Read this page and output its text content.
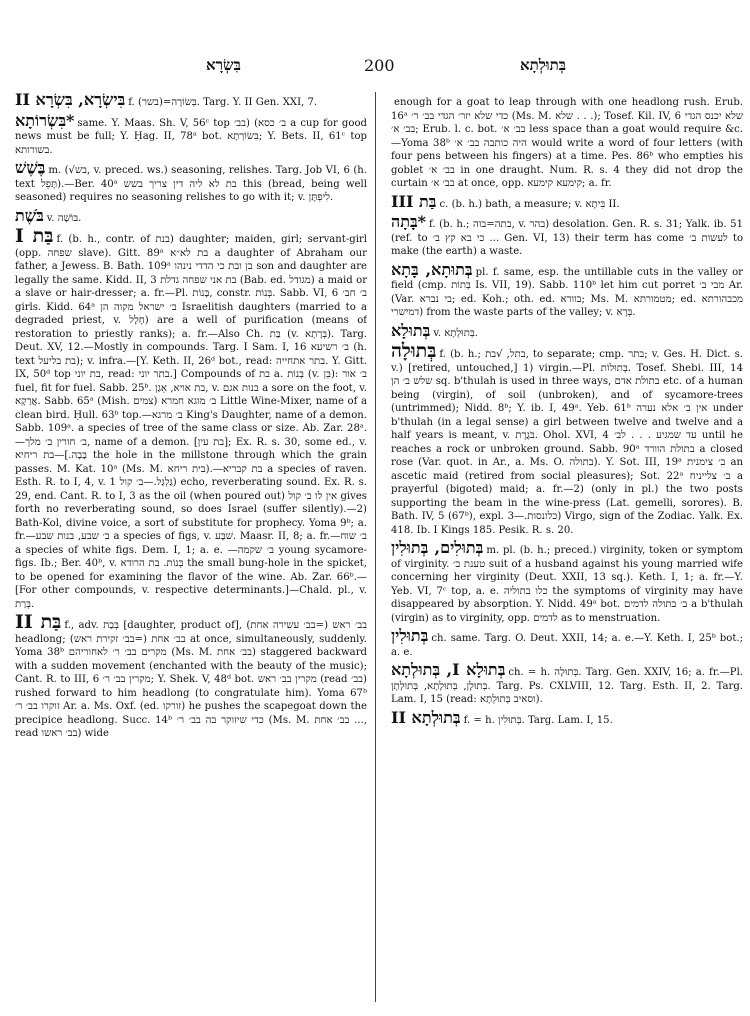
בִּשְׂרָא	200	בְּתוּלְתָא

בִּישְׂרָא, בִּשְׂרָא II f. (בשר)=בְּשׂוֹרָה. Targ. Y. II Gen. XXI, 7.

*בִּשְׂרוֹתָא same. Y. Maas. Sh. V, 56ᶜ top ב׳ כסא) (בב׳ a cup for good news must be full; Y. Ḥag. II, 78ᵃ bot. בִּשׂוֹרְתָא; Y. Bets. II, 61ᶜ top בשורותא.

בֶּשֶׁשׁ m. (√בש, v. preced. ws.) seasoning, relishes. Targ. Job VI, 6 (h. text תָּפֵל).—Ber. 40ᵃ בת לא ליה דין צריך בשש this (bread, being well seasoned) requires no seasoning relishes to go with it; v. לִיפְתָּן.

בֹּשֶׁת v. בּוֹשָׁה.

בַּת I f. (b. h., contr. of בנת) daughter; maiden, girl; servant-girl (opp. שפחה slave). Gitt. 89ᵃ בת לא״א a daughter of Abraham our father, a Jewess. B. Bath. 109ᵃ בן ובת כי הדדי נינהו son and daughter are legally the same. Kidd. II, 3 בת אני שפחה גדלת (Bab. ed. מגודל) a maid or a slave or hair-dresser; a. fr.—Pl. בָּנוֹת, constr. בְּנוֹת. Sabb. VI, 6 ב׳ חב׳ girls. Kidd. 64ᵃ ב׳ ישראל מקוה הן Israelitish daughters (married to a degraded priest, v. חָלָל) are a well of purification (means of restoration to priestly ranks); a. fr.—Also Ch. בַּת (v. בְּרָתָא). Targ. Deut. XV, 12.—Mostly in compounds. Targ. I Sam. I, 16 ב׳ רשיעא (h. text בת בליעל); v. infra.—[Y. Keth. II, 26ᵈ bot., read: בתר אתחייה. Y. Gitt. IX, 50ᵈ top בת יוני, read: בתר יוני.] Compounds of בת a. בְּנוֹת (v. בֵּן): ב׳ אור fuel, fit for fuel. Sabb. 25ᵇ. בת אויא, אֵגַן, v. בנות אגם a sore on the foot, v. אֲרַקָא. Sabb. 65ᵃ (Mish. צמים) ב׳ מוגא חמרא Little Wine-Mixer, name of a clean bird. Ḥull. 63ᵇ top.—ב׳ מרגא King's Daughter, name of a demon. Sabb. 109ᵃ. a species of tree of the same class or size. Ab. Zar. 28ᵃ.—ב׳ חורין ב׳ מלך, name of a demon. [בת עין]; Ex. R. s. 30, some ed., v. בָּבָה.]—בת ריחיא the hole in the millstone through which the grain passes. M. Kat. 10ᵃ (Ms. M. בית ריחא).—בת קבריא a species of raven. Esth. R. to I, 4, v. גַּלְגַּל.—ב׳ קול 1) echo, reverberating sound. Ex. R. s. 29, end. Cant. R. to I, 3 as the oil (when poured out) אין לו ב׳ קול gives forth no reverberating sound, so does Israel (suffer silently).—2) Bath-Kol, divine voice, a sort of substitute for prophecy. Yoma 9ᵇ; a. fr.—ב׳ שבע, בנות שבע a species of figs, v. שׁבָּע. Maasr. II, 8; a. fr.—ב׳ שוח a species of white figs. Dem. I, 1; a. e. —ב׳ שקמה young sycamore-figs. Ib.; Ber. 40ᵇ, v. בְּנוֹת. בת הרודא the small bung-hole in the spicket, to be opened for examining the flavor of the wine. Ab. Zar. 66ᵇ.—[For other compounds, v. respective determinants.]—Chald. pl., v. בְּרַת.

בַּת II f., adv. בְּבַת [daughter, product of], בב׳ ראש (=בב׳ עשירה אחת) headlong; בב׳ אחת (=בב׳ זקירת ראש) at once, simultaneously, suddenly. Yoma 38ᵇ מקרים בב׳ ר׳ לאחוריהם (Ms. M. בב׳ אחת) staggered backward with a sudden movement (enchanted with the beauty of the music); Cant. R. to III, 6 מקרין בב׳ ר׳; Y. Shek. V, 48ᵈ bot. מקרין בב׳ ראש (read בב׳) rushed forward to him headlong (to congratulate him). Yoma 67ᵇ זוקרו בב׳ ר׳ Ar. a. Ms. Oxf. (ed. זורקו) he pushes the scapegoat down the precipice headlong. Succ. 14ᵇ כדי שיזוקר בה בב׳ ר׳ (Ms. M. בב׳ אחת ..., read בב׳ ראשו) wide

enough for a goat to leap through with one headlong rush. Erub. 16ᵃ כדי שלא יזר׳ הגדי בב׳ ר׳ (Ms. M. שלא . . .); Tosef. Kil. IV, 6 שלא יכנס הגדי בב׳ א׳; Erub. l. c. bot. בב׳ א׳ less space than a goat would require &c.—Yoma 38ᵇ היה כותבה בב׳ א׳ would write a word of four letters (with four pens between his fingers) at a time. Pes. 86ᵇ who empties his goblet בב׳ א׳ in one draught. Num. R. s. 4 they did not drop the curtain בב׳ א׳ at once, opp. קימעא קימעא; a. fr.

בַּת III c. (b. h.) bath, a measure; v. בִּיתָא II.

*בָּתָה f. (b. h.; בתה=בוה, v. בהר) desolation. Gen. R. s. 31; Yalk. ib. 51 (ref. to כי בא קץ ב׳ ... Gen. VI, 13) their term has come לעשות ב׳ to make (the earth) a waste.

בְּתוּתָא, בָּתָא pl. f. same, esp. the untillable cuts in the valley or field (cmp. בְּתוֹת Is. VII, 19). Sabb. 110ᵇ let him cut porret מבי ב׳ Ar. (Var. בי נברא; ed. Koh.; oth. ed. בוורא; Ms. M. מטמורתא; ed. מכבהורתא דמישרי) from the waste parts of the valley; v. בְּרָא.

בְּתוּלָא v. בְּתוּלְתָא.

בְּתוּלָה f. (b. h.; בתל, √בת, to separate; cmp. בתר; v. Ges. H. Dict. s. v.) [retired, untouched,] 1) virgin.—Pl. בְּתוּלוֹת. Tosef. Shebi. III, 14 שלש ב׳ הן sq. b'thulah is used in three ways, בתולת אדם etc. of a human being (virgin), of soil (unbroken), and of sycamore-trees (untrimmed); Nidd. 8ᵇ; Y. ib. I, 49ᵃ. Yeb. 61ᵇ אין ב׳ אלא נערה under b'thulah (in a legal sense) a girl between twelve and twelve and a half years is meant, v. בֹּגֶרֶת. Ohol. XVI, 4 עד שמגיע . . . לב׳ until he reaches a rock or unbroken ground. Sabb. 90ᵃ בתולת הוורד a closed rose (Var. quot. in Ar., a. Ms. O. בתולה). Y. Sot. III, 19ᵃ ב׳ צימנית an ascetic maid (retired from social pleasures); Sot. 22ᵃ ב׳ צלייניח a prayerful (bigoted) maid; a. fr.—2) (only in pl.) the two posts supporting the beam in the wine-press (Lat. gemelli, sorores). B. Bath. IV, 5 (67ᵇ), expl. כלונסות.—3) Virgo, sign of the Zodiac. Yalk. Ex. 418. Ib. I Kings 185. Pesik. R. s. 20.

בְּתוּלִים, בְּתוּלִין m. pl. (b. h.; preced.) virginity, token or symptom of virginity. טענת ב׳ suit of a husband against his young married wife concerning her virginity (Deut. XXII, 13 sq.). Keth. I, 1; a. fr.—Y. Yeb. VI, 7ᶜ top, a. e. כלו בתוליה the symptoms of virginity may have disappeared by absorption. Y. Nidd. 49ᵃ bot. ב׳ בתולה לדמים a b'thulah (virgin) as to virginity, opp. לדמים as to menstruation.

בְּתוּלִין ch. same. Targ. O. Deut. XXII, 14; a. e.—Y. Keth. I, 25ᵇ bot.; a. e.

בְּתוּלָא I, בְּתוּלְתָא ch. = h. בְּתוּלָה. Targ. Gen. XXIV, 16; a. fr.—Pl. בְּתוּלָן, בְּתוּלָתָא, בְּתוּלָתָן. Targ. Ps. CXLVIII, 12. Targ. Esth. II, 2. Targ. Lam. I, 15 (read: וסאיב בְּתוּלְתָא).

בְּתוּלְתָא II f. = h. בְּתוּלִין. Targ. Lam. I, 15.
